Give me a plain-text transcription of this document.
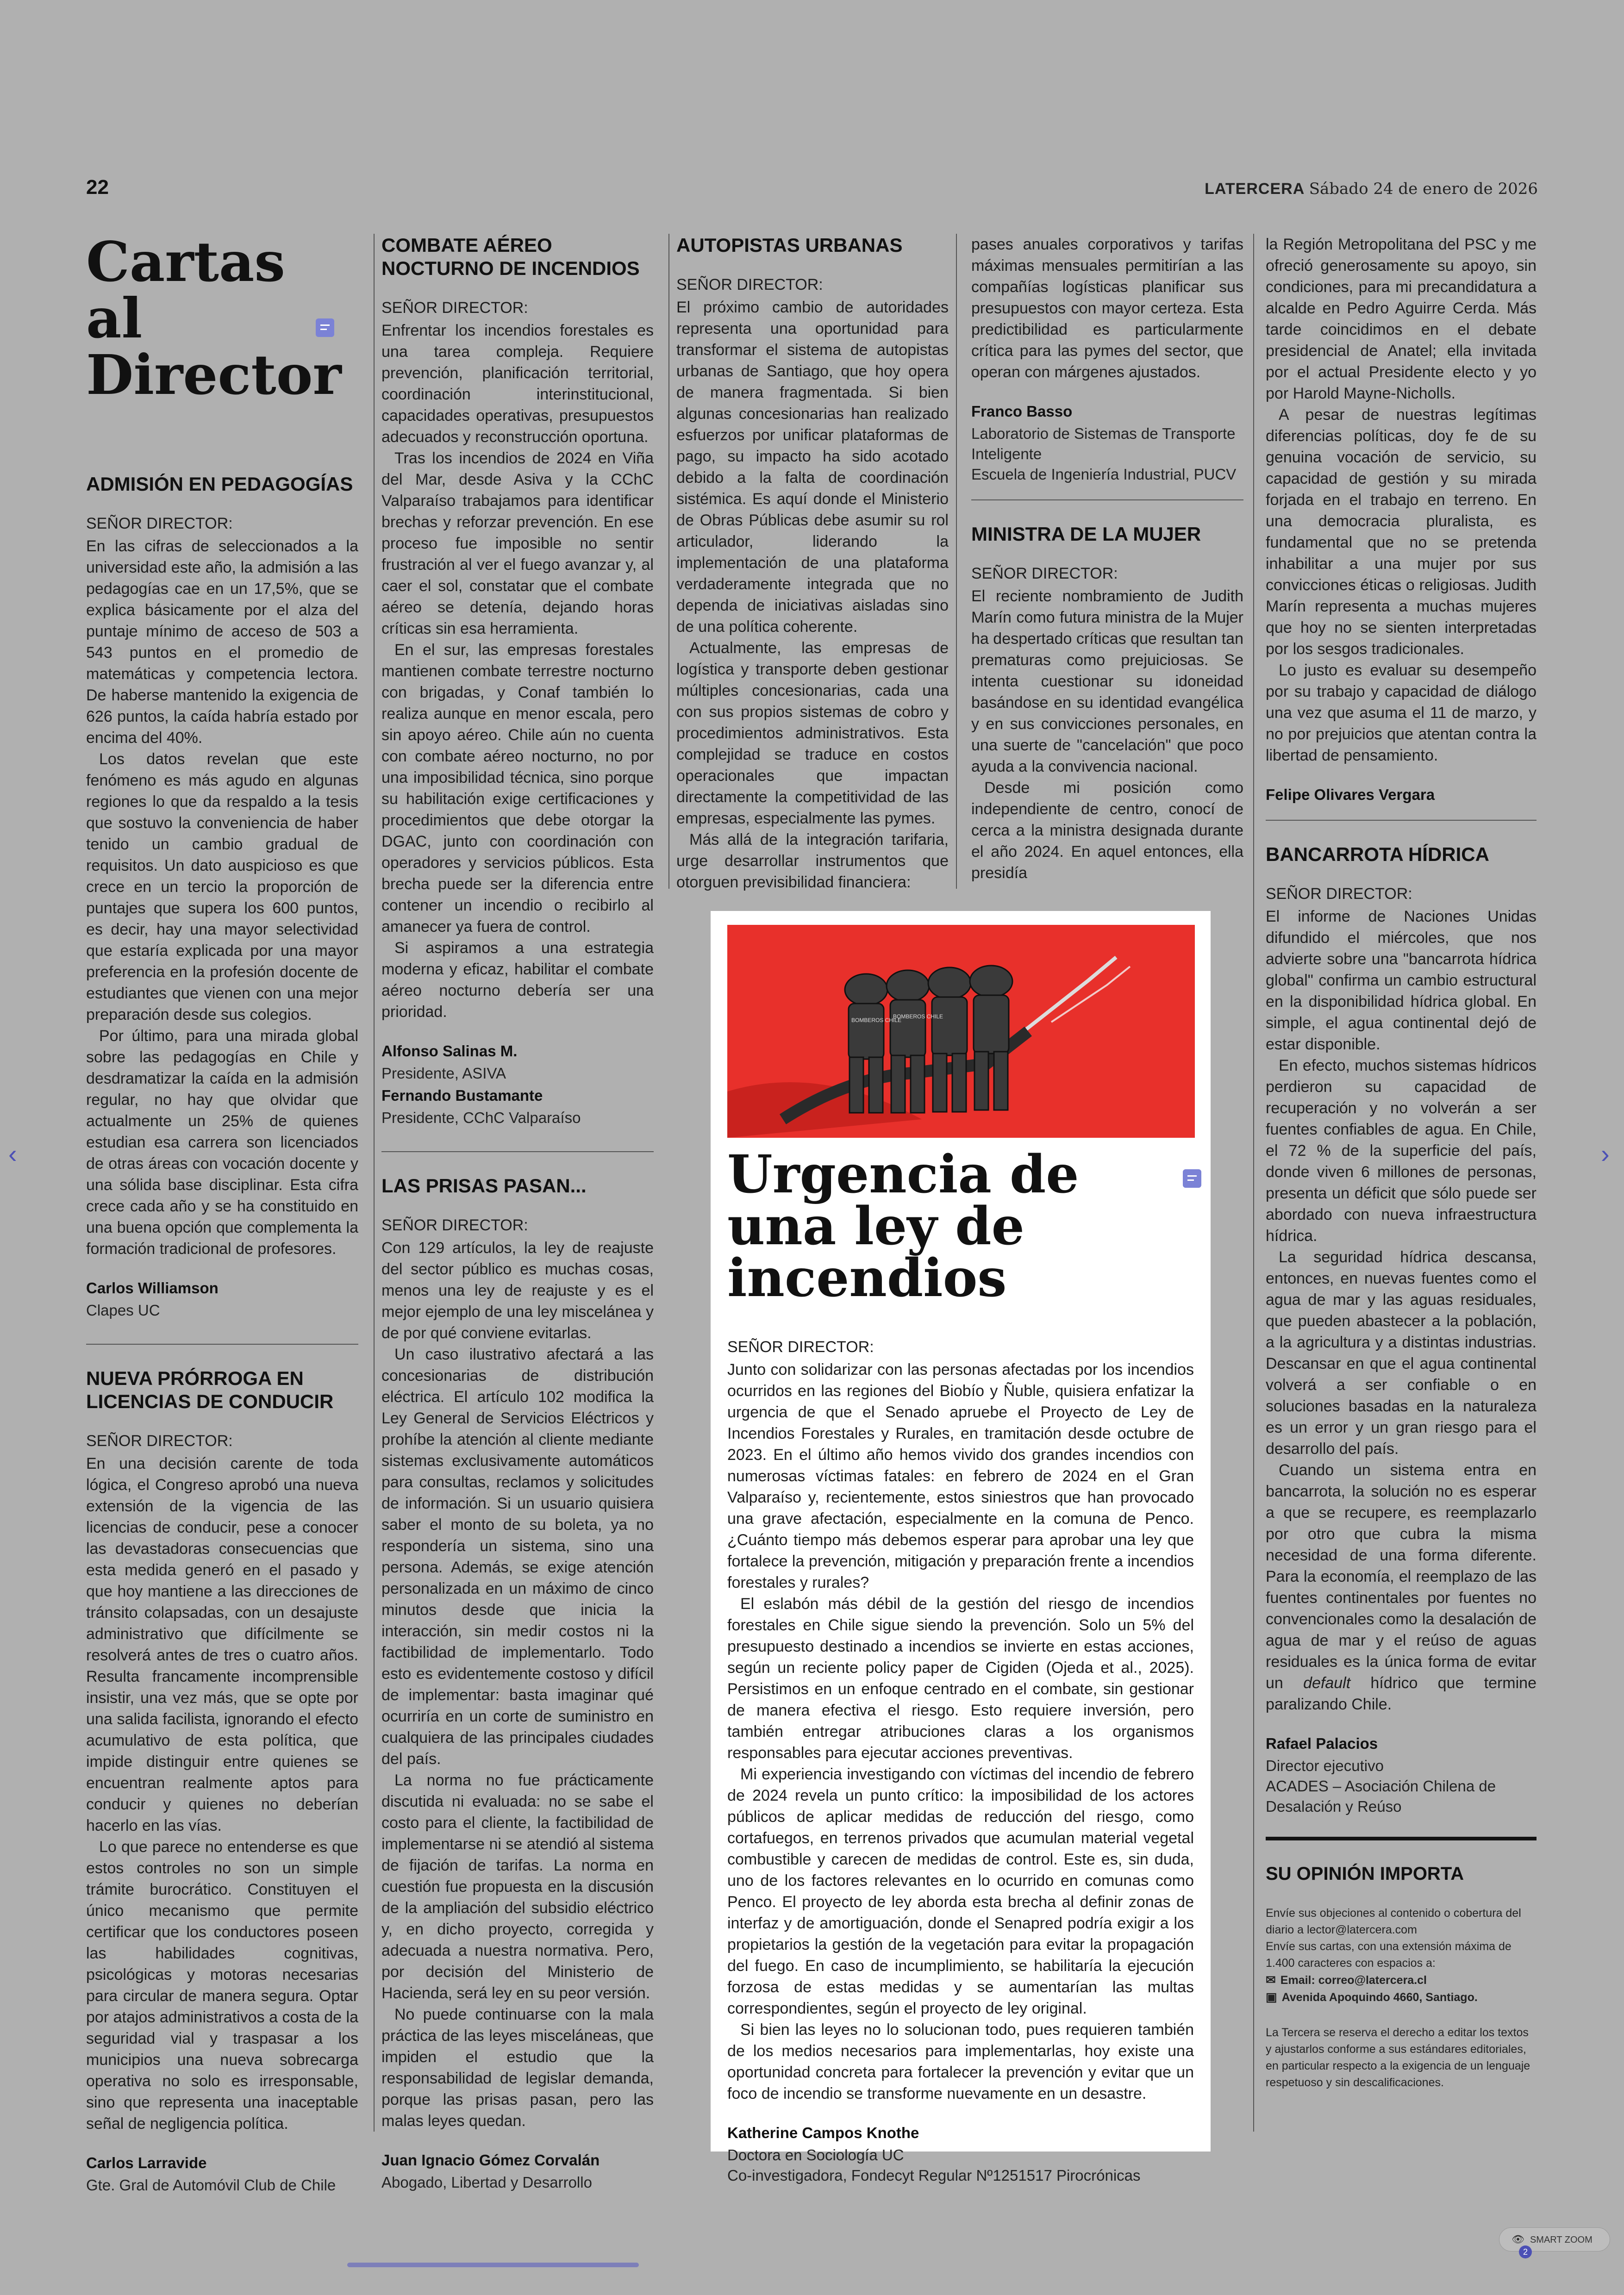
22	LATERCERA Sábado 24 de enero de 2026
Cartas al Director
ADMISIÓN EN PEDAGOGÍAS
SEÑOR DIRECTOR:

En las cifras de seleccionados a la universidad este año, la admisión a las pedagogías cae en un 17,5%, que se explica básicamente por el alza del puntaje mínimo de acceso de 503 a 543 puntos en el promedio de matemáticas y competencia lectora. De haberse mantenido la exigencia de 626 puntos, la caída habría estado por encima del 40%.

Los datos revelan que este fenómeno es más agudo en algunas regiones lo que da respaldo a la tesis que sostuvo la conveniencia de haber tenido un cambio gradual de requisitos. Un dato auspicioso es que crece en un tercio la proporción de puntajes que supera los 600 puntos, es decir, hay una mayor selectividad que estaría explicada por una mayor preferencia en la profesión docente de estudiantes que vienen con una mejor preparación desde sus colegios.

Por último, para una mirada global sobre las pedagogías en Chile y desdramatizar la caída en la admisión regular, no hay que olvidar que actualmente un 25% de quienes estudian esa carrera son licenciados de otras áreas con vocación docente y una sólida base disciplinar. Esta cifra crece cada año y se ha constituido en una buena opción que complementa la formación tradicional de profesores.

Carlos Williamson
Clapes UC
NUEVA PRÓRROGA EN LICENCIAS DE CONDUCIR
SEÑOR DIRECTOR:

En una decisión carente de toda lógica, el Congreso aprobó una nueva extensión de la vigencia de las licencias de conducir, pese a conocer las devastadoras consecuencias que esta medida generó en el pasado y que hoy mantiene a las direcciones de tránsito colapsadas, con un desajuste administrativo que difícilmente se resolverá antes de tres o cuatro años. Resulta francamente incomprensible insistir, una vez más, que se opte por una salida facilista, ignorando el efecto acumulativo de esta política, que impide distinguir entre quienes se encuentran realmente aptos para conducir y quienes no deberían hacerlo en las vías.

Lo que parece no entenderse es que estos controles no son un simple trámite burocrático. Constituyen el único mecanismo que permite certificar que los conductores poseen las habilidades cognitivas, psicológicas y motoras necesarias para circular de manera segura. Optar por atajos administrativos a costa de la seguridad vial y traspasar a los municipios una nueva sobrecarga operativa no solo es irresponsable, sino que representa una inaceptable señal de negligencia política.

Carlos Larravide
Gte. Gral de Automóvil Club de Chile
COMBATE AÉREO NOCTURNO DE INCENDIOS
SEÑOR DIRECTOR:

Enfrentar los incendios forestales es una tarea compleja. Requiere prevención, planificación territorial, coordinación interinstitucional, capacidades operativas, presupuestos adecuados y reconstrucción oportuna.

Tras los incendios de 2024 en Viña del Mar, desde Asiva y la CChC Valparaíso trabajamos para identificar brechas y reforzar prevención. En ese proceso fue imposible no sentir frustración al ver el fuego avanzar y, al caer el sol, constatar que el combate aéreo se detenía, dejando horas críticas sin esa herramienta.

En el sur, las empresas forestales mantienen combate terrestre nocturno con brigadas, y Conaf también lo realiza aunque en menor escala, pero sin apoyo aéreo. Chile aún no cuenta con combate aéreo nocturno, no por una imposibilidad técnica, sino porque su habilitación exige certificaciones y procedimientos que debe otorgar la DGAC, junto con coordinación con operadores y servicios públicos. Esta brecha puede ser la diferencia entre contener un incendio o recibirlo al amanecer ya fuera de control.

Si aspiramos a una estrategia moderna y eficaz, habilitar el combate aéreo nocturno debería ser una prioridad.

Alfonso Salinas M.
Presidente, ASIVA
Fernando Bustamante
Presidente, CChC Valparaíso
LAS PRISAS PASAN...
SEÑOR DIRECTOR:

Con 129 artículos, la ley de reajuste del sector público es muchas cosas, menos una ley de reajuste y es el mejor ejemplo de una ley miscelánea y de por qué conviene evitarlas.

Un caso ilustrativo afectará a las concesionarias de distribución eléctrica. El artículo 102 modifica la Ley General de Servicios Eléctricos y prohíbe la atención al cliente mediante sistemas exclusivamente automáticos para consultas, reclamos y solicitudes de información. Si un usuario quisiera saber el monto de su boleta, ya no respondería un sistema, sino una persona. Además, se exige atención personalizada en un máximo de cinco minutos desde que inicia la interacción, sin medir costos ni la factibilidad de implementarlo. Todo esto es evidentemente costoso y difícil de implementar: basta imaginar qué ocurriría en un corte de suministro en cualquiera de las principales ciudades del país.

La norma no fue prácticamente discutida ni evaluada: no se sabe el costo para el cliente, la factibilidad de implementarse ni se atendió al sistema de fijación de tarifas. La norma en cuestión fue propuesta en la discusión de la ampliación del subsidio eléctrico y, en dicho proyecto, corregida y adecuada a nuestra normativa. Pero, por decisión del Ministerio de Hacienda, será ley en su peor versión.

No puede continuarse con la mala práctica de las leyes misceláneas, que impiden el estudio que la responsabilidad de legislar demanda, porque las prisas pasan, pero las malas leyes quedan.

Juan Ignacio Gómez Corvalán
Abogado, Libertad y Desarrollo
AUTOPISTAS URBANAS
SEÑOR DIRECTOR:

El próximo cambio de autoridades representa una oportunidad para transformar el sistema de autopistas urbanas de Santiago, que hoy opera de manera fragmentada. Si bien algunas concesionarias han realizado esfuerzos por unificar plataformas de pago, su impacto ha sido acotado debido a la falta de coordinación sistémica. Es aquí donde el Ministerio de Obras Públicas debe asumir su rol articulador, liderando la implementación de una plataforma verdaderamente integrada que no dependa de iniciativas aisladas sino de una política coherente.

Actualmente, las empresas de logística y transporte deben gestionar múltiples concesionarias, cada una con sus propios sistemas de cobro y procedimientos administrativos. Esta complejidad se traduce en costos operacionales que impactan directamente la competitividad de las empresas, especialmente las pymes.

Más allá de la integración tarifaria, urge desarrollar instrumentos que otorguen previsibilidad financiera:

pases anuales corporativos y tarifas máximas mensuales permitirían a las compañías logísticas planificar sus presupuestos con mayor certeza. Esta predictibilidad es particularmente crítica para las pymes del sector, que operan con márgenes ajustados.

Franco Basso
Laboratorio de Sistemas de Transporte Inteligente
Escuela de Ingeniería Industrial, PUCV
MINISTRA DE LA MUJER
SEÑOR DIRECTOR:

El reciente nombramiento de Judith Marín como futura ministra de la Mujer ha despertado críticas que resultan tan prematuras como prejuiciosas. Se intenta cuestionar su idoneidad basándose en su identidad evangélica y en sus convicciones personales, en una suerte de "cancelación" que poco ayuda a la convivencia nacional.

Desde mi posición como independiente de centro, conocí de cerca a la ministra designada durante el año 2024. En aquel entonces, ella presidía

la Región Metropolitana del PSC y me ofreció generosamente su apoyo, sin condiciones, para mi precandidatura a alcalde en Pedro Aguirre Cerda. Más tarde coincidimos en el debate presidencial de Anatel; ella invitada por el actual Presidente electo y yo por Harold Mayne-Nicholls.

A pesar de nuestras legítimas diferencias políticas, doy fe de su genuina vocación de servicio, su capacidad de gestión y su mirada forjada en el trabajo en terreno. En una democracia pluralista, es fundamental que no se pretenda inhabilitar a una mujer por sus convicciones éticas o religiosas. Judith Marín representa a muchas mujeres que hoy no se sienten interpretadas por los sesgos tradicionales.

Lo justo es evaluar su desempeño por su trabajo y capacidad de diálogo una vez que asuma el 11 de marzo, y no por prejuicios que atentan contra la libertad de pensamiento.

Felipe Olivares Vergara
BANCARROTA HÍDRICA
SEÑOR DIRECTOR:

El informe de Naciones Unidas difundido el miércoles, que nos advierte sobre una "bancarrota hídrica global" confirma un cambio estructural en la disponibilidad hídrica global. En simple, el agua continental dejó de estar disponible.

En efecto, muchos sistemas hídricos perdieron su capacidad de recuperación y no volverán a ser fuentes confiables de agua. En Chile, el 72 % de la superficie del país, donde viven 6 millones de personas, presenta un déficit que sólo puede ser abordado con nueva infraestructura hídrica.

La seguridad hídrica descansa, entonces, en nuevas fuentes como el agua de mar y las aguas residuales, que pueden abastecer a la población, a la agricultura y a distintas industrias. Descansar en que el agua continental volverá a ser confiable o en soluciones basadas en la naturaleza es un error y un gran riesgo para el desarrollo del país.

Cuando un sistema entra en bancarrota, la solución no es esperar a que se recupere, es reemplazarlo por otro que cubra la misma necesidad de una forma diferente. Para la economía, el reemplazo de las fuentes continentales por fuentes no convencionales como la desalación de agua de mar y el reúso de aguas residuales es la única forma de evitar un default hídrico que termine paralizando Chile.

Rafael Palacios
Director ejecutivo
ACADES – Asociación Chilena de Desalación y Reúso
SU OPINIÓN IMPORTA

Envíe sus objeciones al contenido o cobertura del diario a lector@latercera.com

Envíe sus cartas, con una extensión máxima de 1.400 caracteres con espacios a:

✉ Email: correo@latercera.cl

▣ Avenida Apoquindo 4660, Santiago.

La Tercera se reserva el derecho a editar los textos y ajustarlos conforme a sus estándares editoriales, en particular respecto a la exigencia de un lenguaje respetuoso y sin descalificaciones.

BOMBEROS CHILE
BOMBEROS CHILE
Urgencia de una ley de incendios
SEÑOR DIRECTOR:

Junto con solidarizar con las personas afectadas por los incendios ocurridos en las regiones del Biobío y Ñuble, quisiera enfatizar la urgencia de que el Senado apruebe el Proyecto de Ley de Incendios Forestales y Rurales, en tramitación desde octubre de 2023. En el último año hemos vivido dos grandes incendios con numerosas víctimas fatales: en febrero de 2024 en el Gran Valparaíso y, recientemente, estos siniestros que han provocado una grave afectación, especialmente en la comuna de Penco. ¿Cuánto tiempo más debemos esperar para aprobar una ley que fortalece la prevención, mitigación y preparación frente a incendios forestales y rurales?

El eslabón más débil de la gestión del riesgo de incendios forestales en Chile sigue siendo la prevención. Solo un 5% del presupuesto destinado a incendios se invierte en estas acciones, según un reciente policy paper de Cigiden (Ojeda et al., 2025). Persistimos en un enfoque centrado en el combate, sin gestionar de manera efectiva el riesgo. Esto requiere inversión, pero también entregar atribuciones claras a los organismos responsables para ejecutar acciones preventivas.

Mi experiencia investigando con víctimas del incendio de febrero de 2024 revela un punto crítico: la imposibilidad de los actores públicos de aplicar medidas de reducción del riesgo, como cortafuegos, en terrenos privados que acumulan material vegetal combustible y carecen de medidas de control. Este es, sin duda, uno de los factores relevantes en lo ocurrido en comunas como Penco. El proyecto de ley aborda esta brecha al definir zonas de interfaz y de amortiguación, donde el Senapred podría exigir a los propietarios la gestión de la vegetación para evitar la propagación del fuego. En caso de incumplimiento, se habilitaría la ejecución forzosa de estas medidas y se aumentarían las multas correspondientes, según el proyecto de ley original.

Si bien las leyes no lo solucionan todo, pues requieren también de los medios necesarios para implementarlas, hoy existe una oportunidad concreta para fortalecer la prevención y evitar que un foco de incendio se transforme nuevamente en un desastre.

Katherine Campos Knothe
Doctora en Sociología UC
Co-investigadora, Fondecyt Regular Nº1251517 Pirocrónicas
‹	›
👁 SMART ZOOM2
